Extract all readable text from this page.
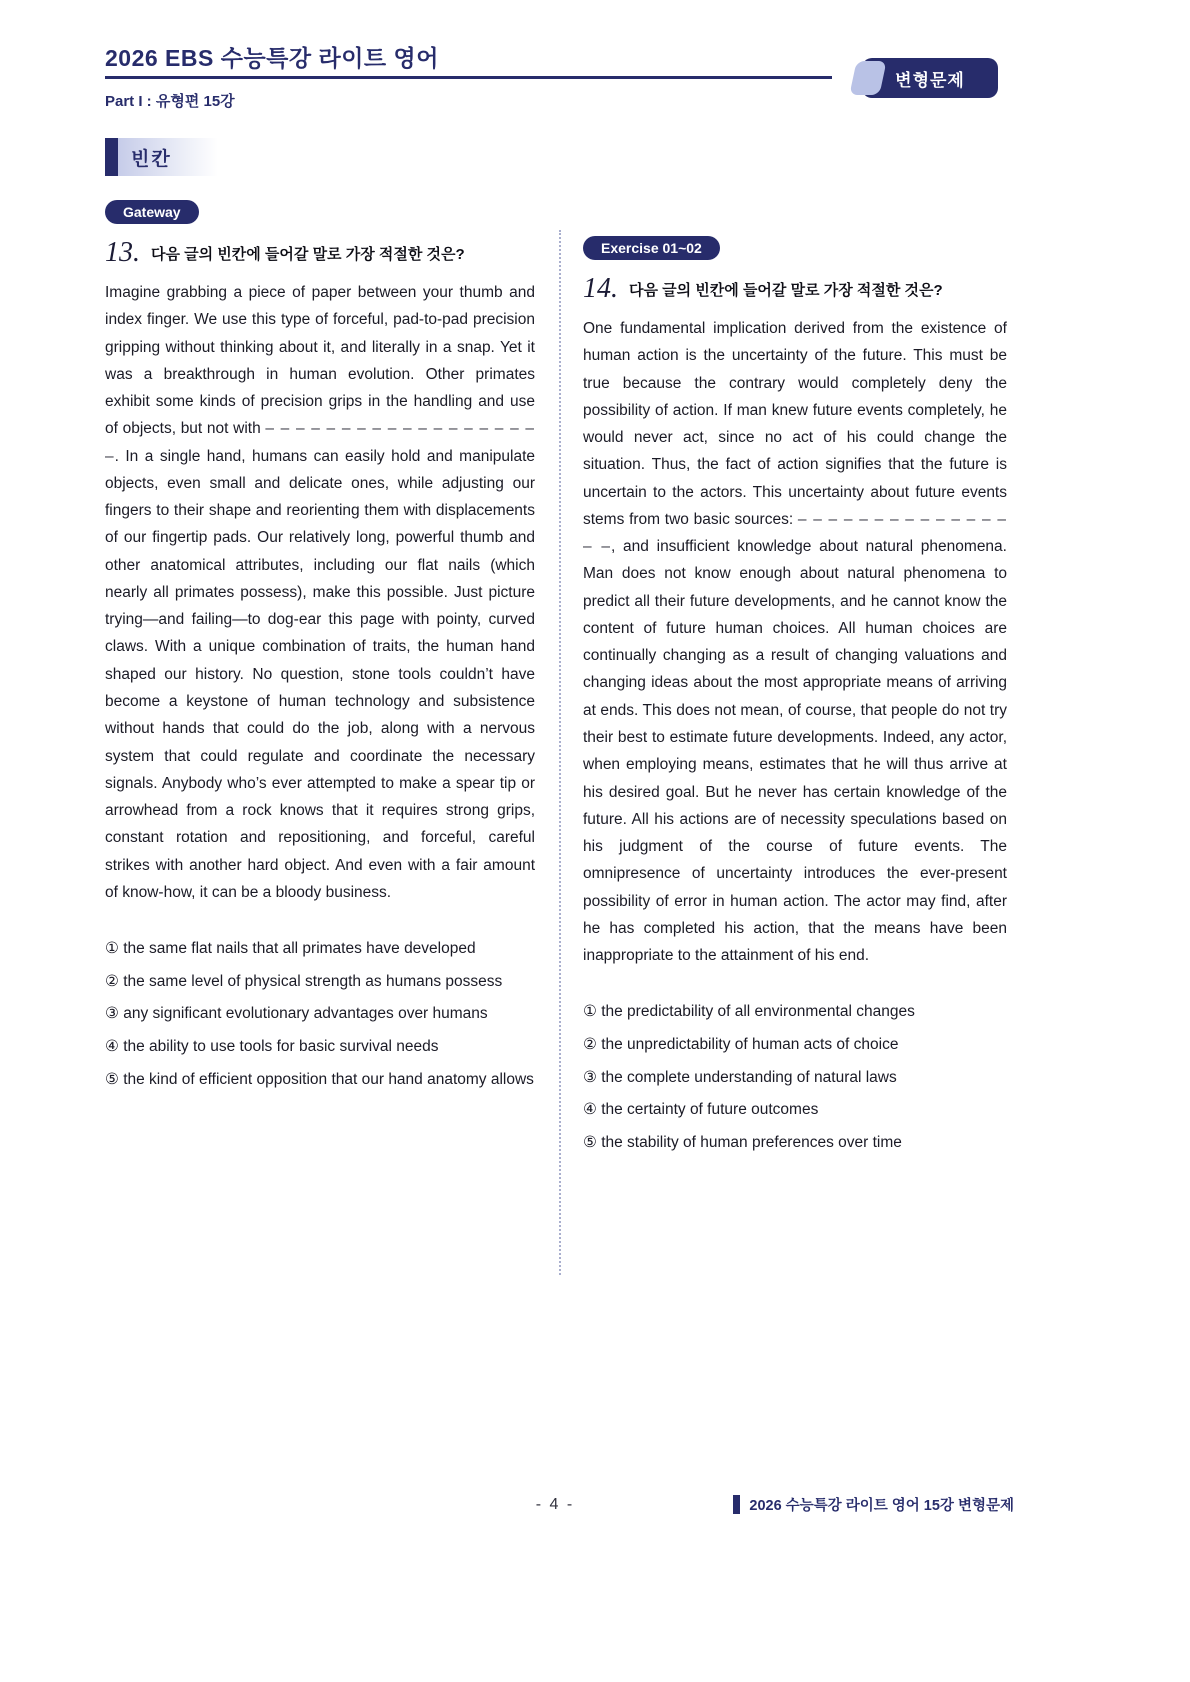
2026 EBS 수능특강 라이트 영어
Part I : 유형편 15강
변형문제
빈칸
Gateway
13. 다음 글의 빈칸에 들어갈 말로 가장 적절한 것은?

Imagine grabbing a piece of paper between your thumb and index finger. We use this type of forceful, pad-to-pad precision gripping without thinking about it, and literally in a snap. Yet it was a breakthrough in human evolution. Other primates exhibit some kinds of precision grips in the handling and use of objects, but not with – – – – – – – – – – – – – – – – – – –. In a single hand, humans can easily hold and manipulate objects, even small and delicate ones, while adjusting our fingers to their shape and reorienting them with displacements of our fingertip pads. Our relatively long, powerful thumb and other anatomical attributes, including our flat nails (which nearly all primates possess), make this possible. Just picture trying—and failing—to dog-ear this page with pointy, curved claws. With a unique combination of traits, the human hand shaped our history. No question, stone tools couldn’t have become a keystone of human technology and subsistence without hands that could do the job, along with a nervous system that could regulate and coordinate the necessary signals. Anybody who’s ever attempted to make a spear tip or arrowhead from a rock knows that it requires strong grips, constant rotation and repositioning, and forceful, careful strikes with another hard object. And even with a fair amount of know-how, it can be a bloody business.

① the same flat nails that all primates have developed

② the same level of physical strength as humans possess

③ any significant evolutionary advantages over humans

④ the ability to use tools for basic survival needs

⑤ the kind of efficient opposition that our hand anatomy allows

Exercise 01~02
14. 다음 글의 빈칸에 들어갈 말로 가장 적절한 것은?

One fundamental implication derived from the existence of human action is the uncertainty of the future. This must be true because the contrary would completely deny the possibility of action. If man knew future events completely, he would never act, since no act of his could change the situation. Thus, the fact of action signifies that the future is uncertain to the actors. This uncertainty about future events stems from two basic sources: – – – – – – – – – – – – – – – –, and insufficient knowledge about natural phenomena. Man does not know enough about natural phenomena to predict all their future developments, and he cannot know the content of future human choices. All human choices are continually changing as a result of changing valuations and changing ideas about the most appropriate means of arriving at ends. This does not mean, of course, that people do not try their best to estimate future developments. Indeed, any actor, when employing means, estimates that he will thus arrive at his desired goal. But he never has certain knowledge of the future. All his actions are of necessity speculations based on his judgment of the course of future events. The omnipresence of uncertainty introduces the ever-present possibility of error in human action. The actor may find, after he has completed his action, that the means have been inappropriate to the attainment of his end.

① the predictability of all environmental changes

② the unpredictability of human acts of choice

③ the complete understanding of natural laws

④ the certainty of future outcomes

⑤ the stability of human preferences over time

- 4 -	2026 수능특강 라이트 영어 15강 변형문제
